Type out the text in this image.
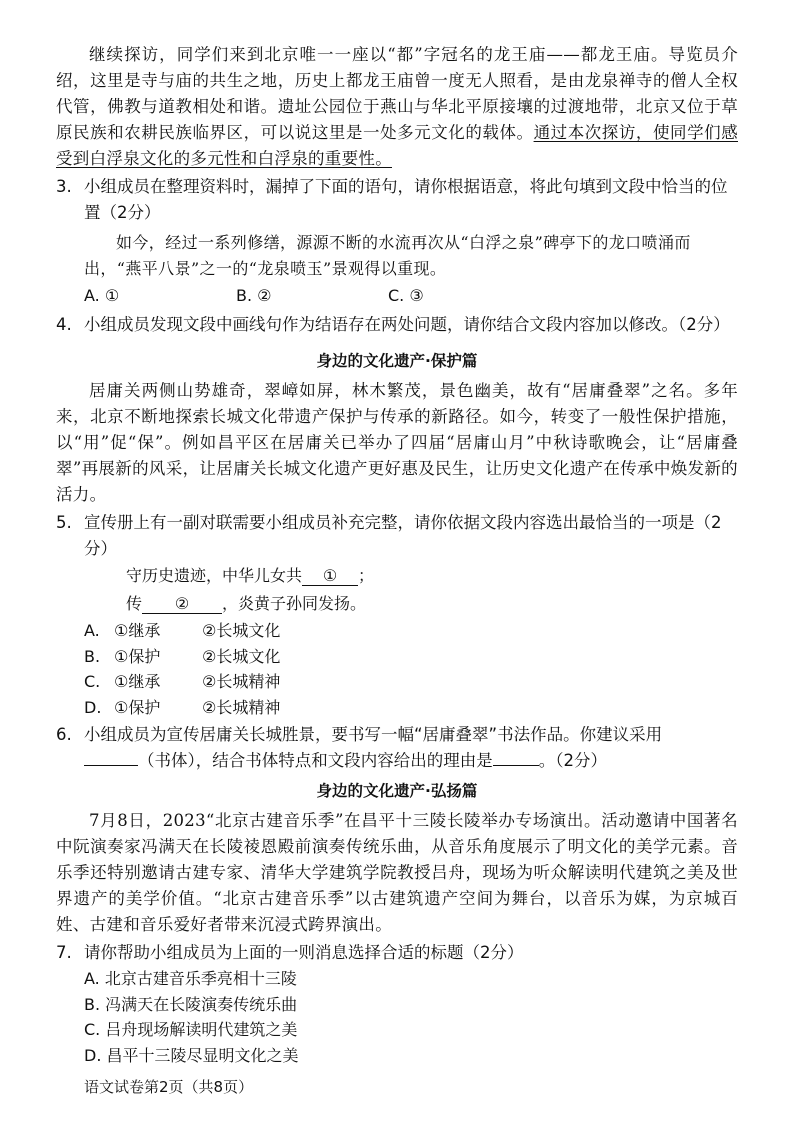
继续探访，同学们来到北京唯一一座以“都”字冠名的龙王庙——都龙王庙。导览员介绍，这里是寺与庙的共生之地，历史上都龙王庙曾一度无人照看，是由龙泉禅寺的僧人全权代管，佛教与道教相处和谐。遗址公园位于燕山与华北平原接壤的过渡地带，北京又位于草原民族和农耕民族临界区，可以说这里是一处多元文化的载体。通过本次探访，使同学们感受到白浮泉文化的多元性和白浮泉的重要性。

3. 小组成员在整理资料时，漏掉了下面的语句，请你根据语意，将此句填到文段中恰当的位置（2分）

如今，经过一系列修缮，源源不断的水流再次从“白浮之泉”碑亭下的龙口喷涌而出，“燕平八景”之一的“龙泉喷玉”景观得以重现。

A. ①	B. ②	C. ③
4. 小组成员发现文段中画线句作为结语存在两处问题，请你结合文段内容加以修改。（2分）
身边的文化遗产·保护篇

居庸关两侧山势雄奇，翠嶂如屏，林木繁茂，景色幽美，故有“居庸叠翠”之名。多年来，北京不断地探索长城文化带遗产保护与传承的新路径。如今，转变了一般性保护措施，以“用”促“保”。例如昌平区在居庸关已举办了四届“居庸山月”中秋诗歌晚会，让“居庸叠翠”再展新的风采，让居庸关长城文化遗产更好惠及民生，让历史文化遗产在传承中焕发新的活力。

5. 宣传册上有一副对联需要小组成员补充完整，请你依据文段内容选出最恰当的一项是（2分）
守历史遗迹，中华儿女共 ① ；
传 ② ，炎黄子孙同发扬。
A. ①继承	②长城文化
B. ①保护	②长城文化
C. ①继承	②长城精神
D. ①保护	②长城精神
6. 小组成员为宣传居庸关长城胜景，要书写一幅“居庸叠翠”书法作品。你建议采用
（书体），结合书体特点和文段内容给出的理由是	。（2分）
身边的文化遗产·弘扬篇

7月8日，2023“北京古建音乐季”在昌平十三陵长陵举办专场演出。活动邀请中国著名中阮演奏家冯满天在长陵祾恩殿前演奏传统乐曲，从音乐角度展示了明文化的美学元素。音乐季还特别邀请古建专家、清华大学建筑学院教授吕舟，现场为听众解读明代建筑之美及世界遗产的美学价值。“北京古建音乐季”以古建筑遗产空间为舞台，以音乐为媒，为京城百姓、古建和音乐爱好者带来沉浸式跨界演出。

7. 请你帮助小组成员为上面的一则消息选择合适的标题（2分）
A. 北京古建音乐季亮相十三陵
B. 冯满天在长陵演奏传统乐曲
C. 吕舟现场解读明代建筑之美
D. 昌平十三陵尽显明文化之美
语文试卷第2页（共8页）
